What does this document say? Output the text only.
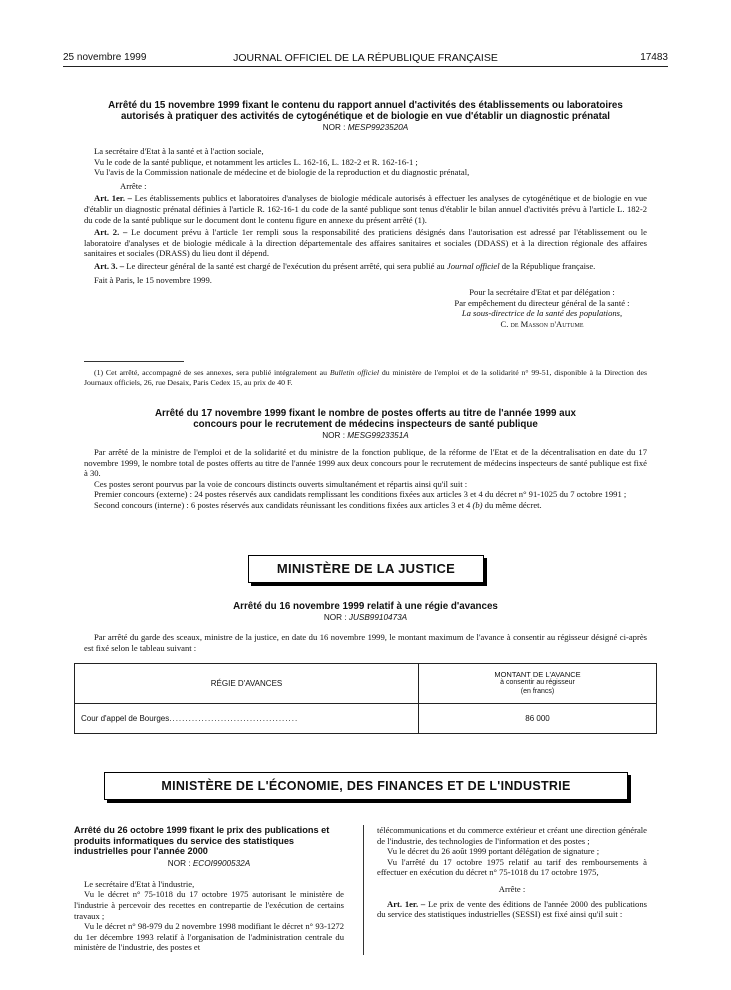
25 novembre 1999	JOURNAL OFFICIEL DE LA RÉPUBLIQUE FRANÇAISE	17483
Arrêté du 15 novembre 1999 fixant le contenu du rapport annuel d'activités des établissements ou laboratoires autorisés à pratiquer des activités de cytogénétique et de biologie en vue d'établir un diagnostic prénatal
NOR : MESP9923520A

La secrétaire d'Etat à la santé et à l'action sociale,

Vu le code de la santé publique, et notamment les articles L. 162-16, L. 182-2 et R. 162-16-1 ;

Vu l'avis de la Commission nationale de médecine et de biologie de la reproduction et du diagnostic prénatal,

Arrête :

Art. 1er. – Les établissements publics et laboratoires d'analyses de biologie médicale autorisés à effectuer les analyses de cytogénétique et de biologie en vue d'établir un diagnostic prénatal définies à l'article R. 162-16-1 du code de la santé publique sont tenus d'établir le bilan annuel d'activités prévu à l'article L. 182-2 du code de la santé publique sur le document dont le contenu figure en annexe du présent arrêté (1).

Art. 2. – Le document prévu à l'article 1er rempli sous la responsabilité des praticiens désignés dans l'autorisation est adressé par l'établissement ou le laboratoire d'analyses et de biologie médicale à la direction départementale des affaires sanitaires et sociales (DDASS) et à la direction régionale des affaires sanitaires et sociales (DRASS) du lieu dont il dépend.

Art. 3. – Le directeur général de la santé est chargé de l'exécution du présent arrêté, qui sera publié au Journal officiel de la République française.

Fait à Paris, le 15 novembre 1999.

Pour la secrétaire d'Etat et par délégation :
Par empêchement du directeur général de la santé :
La sous-directrice de la santé des populations,
C. de Masson d'Autume

(1) Cet arrêté, accompagné de ses annexes, sera publié intégralement au Bulletin officiel du ministère de l'emploi et de la solidarité n° 99-51, disponible à la Direction des Journaux officiels, 26, rue Desaix, Paris Cedex 15, au prix de 40 F.

Arrêté du 17 novembre 1999 fixant le nombre de postes offerts au titre de l'année 1999 aux concours pour le recrutement de médecins inspecteurs de santé publique
NOR : MESG9923351A

Par arrêté de la ministre de l'emploi et de la solidarité et du ministre de la fonction publique, de la réforme de l'Etat et de la décentralisation en date du 17 novembre 1999, le nombre total de postes offerts au titre de l'année 1999 aux deux concours pour le recrutement de médecins inspecteurs de santé publique est fixé à 30.

Ces postes seront pourvus par la voie de concours distincts ouverts simultanément et répartis ainsi qu'il suit :

Premier concours (externe) : 24 postes réservés aux candidats remplissant les conditions fixées aux articles 3 et 4 du décret n° 91-1025 du 7 octobre 1991 ;

Second concours (interne) : 6 postes réservés aux candidats réunissant les conditions fixées aux articles 3 et 4 (b) du même décret.

MINISTÈRE DE LA JUSTICE
Arrêté du 16 novembre 1999 relatif à une régie d'avances
NOR : JUSB9910473A

Par arrêté du garde des sceaux, ministre de la justice, en date du 16 novembre 1999, le montant maximum de l'avance à consentir au régisseur désigné ci-après est fixé selon le tableau suivant :

RÉGIE D'AVANCES	MONTANT DE L'AVANCE
à consentir au régisseur
(en francs)

Cour d'appel de Bourges........................................	86 000
MINISTÈRE DE L'ÉCONOMIE, DES FINANCES ET DE L'INDUSTRIE
Arrêté du 26 octobre 1999 fixant le prix des publications et produits informatiques du service des statistiques industrielles pour l'année 2000
NOR : ECOI9900532A

Le secrétaire d'Etat à l'industrie,

Vu le décret n° 75-1018 du 17 octobre 1975 autorisant le ministère de l'industrie à percevoir des recettes en contrepartie de l'exécution de certains travaux ;

Vu le décret n° 98-979 du 2 novembre 1998 modifiant le décret n° 93-1272 du 1er décembre 1993 relatif à l'organisation de l'administration centrale du ministère de l'industrie, des postes et

télécommunications et du commerce extérieur et créant une direction générale de l'industrie, des technologies de l'information et des postes ;

Vu le décret du 26 août 1999 portant délégation de signature ;

Vu l'arrêté du 17 octobre 1975 relatif au tarif des remboursements à effectuer en exécution du décret n° 75-1018 du 17 octobre 1975,

Arrête :

Art. 1er. – Le prix de vente des éditions de l'année 2000 des publications du service des statistiques industrielles (SESSI) est fixé ainsi qu'il suit :
